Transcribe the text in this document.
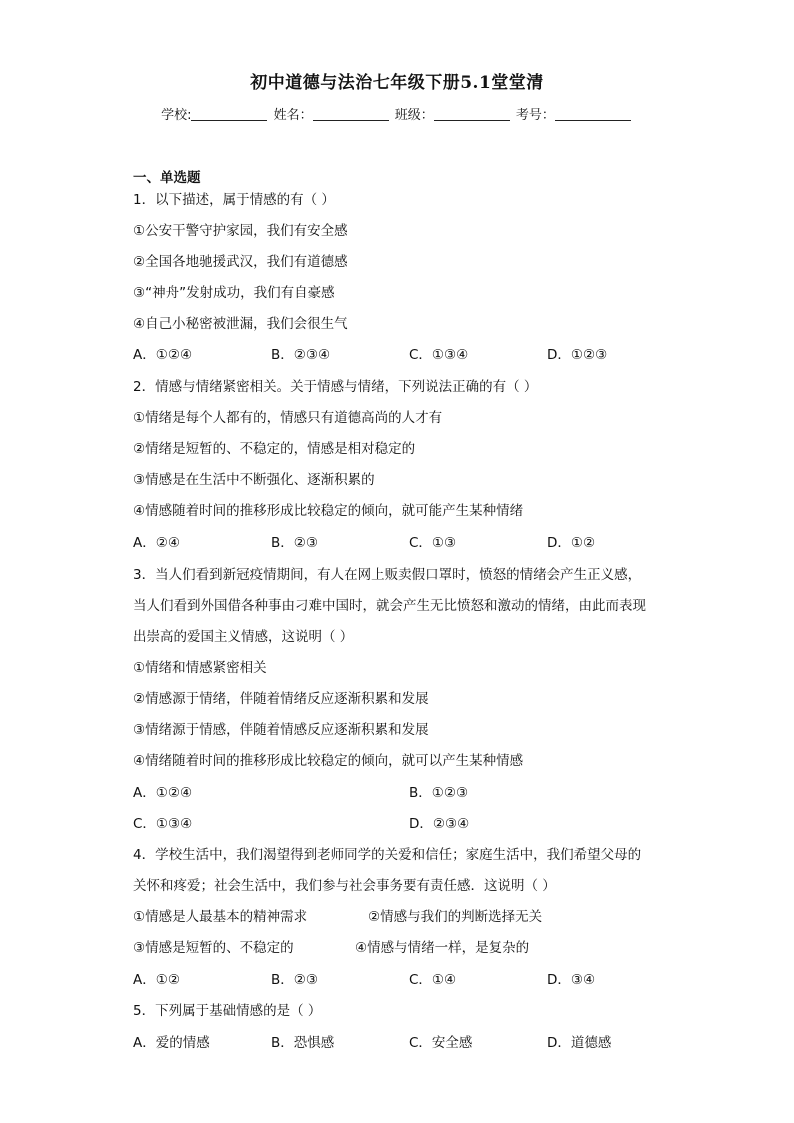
初中道德与法治七年级下册5.1堂堂清
学校:	姓名：	班级：	考号：
一、单选题
1．以下描述，属于情感的有（ ）
①公安干警守护家园，我们有安全感
②全国各地驰援武汉，我们有道德感
③“神舟”发射成功，我们有自豪感
④自己小秘密被泄漏，我们会很生气
A．①②④	B．②③④	C．①③④	D．①②③
2．情感与情绪紧密相关。关于情感与情绪，下列说法正确的有（ ）
①情绪是每个人都有的，情感只有道德高尚的人才有
②情绪是短暂的、不稳定的，情感是相对稳定的
③情感是在生活中不断强化、逐渐积累的
④情感随着时间的推移形成比较稳定的倾向，就可能产生某种情绪
A．②④	B．②③	C．①③	D．①②
3．当人们看到新冠疫情期间，有人在网上贩卖假口罩时，愤怒的情绪会产生正义感，
当人们看到外国借各种事由刁难中国时，就会产生无比愤怒和激动的情绪，由此而表现
出崇高的爱国主义情感，这说明（ ）
①情绪和情感紧密相关
②情感源于情绪，伴随着情绪反应逐渐积累和发展
③情绪源于情感，伴随着情感反应逐渐积累和发展
④情绪随着时间的推移形成比较稳定的倾向，就可以产生某种情感
A．①②④	B．①②③
C．①③④	D．②③④
4．学校生活中，我们渴望得到老师同学的关爱和信任；家庭生活中，我们希望父母的
关怀和疼爱；社会生活中，我们参与社会事务要有责任感．这说明（ ）
①情感是人最基本的精神需求	②情感与我们的判断选择无关
③情感是短暂的、不稳定的	④情感与情绪一样，是复杂的
A．①②	B．②③	C．①④	D．③④
5．下列属于基础情感的是（ ）
A．爱的情感	B．恐惧感	C．安全感	D．道德感
